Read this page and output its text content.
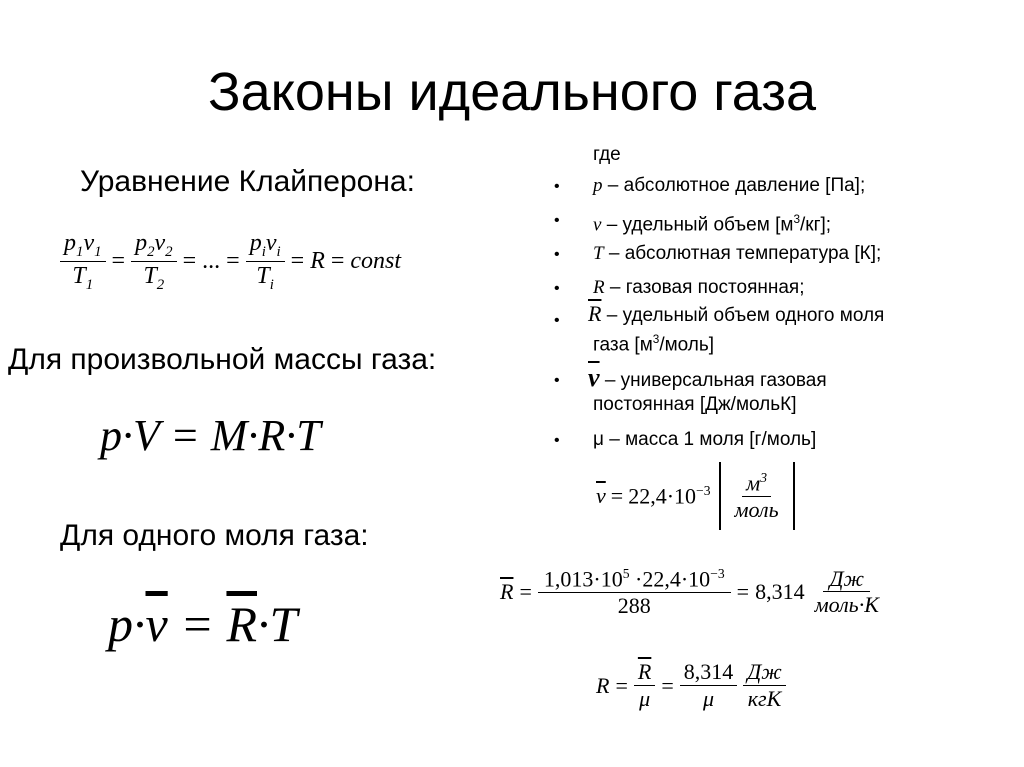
Законы идеального газа
Уравнение Клайперона:
$\frac{p_1v_1}{T_1} = \frac{p_2v_2}{T_2}$ = ... = $\frac{p_iv_i}{T_i} = R$ = const
Для произвольной массы газа:
p·V = M·R·T
Для одного моля газа:
$p\cdot\overline{v} = \overline{R}\cdot T$
где
• p – абсолютное давление [Па];
• v – удельный объем $[м^3/кг]$;
• T – абсолютная температура [К];
• R – газовая постоянная;
• $\overline{R}$ – удельный объем одного моля
газа $[м^3/моль]$
• $\overline{v}$ – универсальная газовая
постоянная [Дж/мольК]
• μ – масса 1 моля [г/моль]
$\overline{v} = 22,4\cdot 10^{-3} \frac{м^3}{\text{моль}}$
$\overline{R} = \frac{1,013\cdot 10^5 \cdot 22,4\cdot 10^{-3}}{288} = 8,314 \frac{Дж}{\text{моль·К}}$
$R = \frac{\overline{R}}{\mu} = \frac{8,314}{\mu} \frac{Дж}{\text{кгК}}$
